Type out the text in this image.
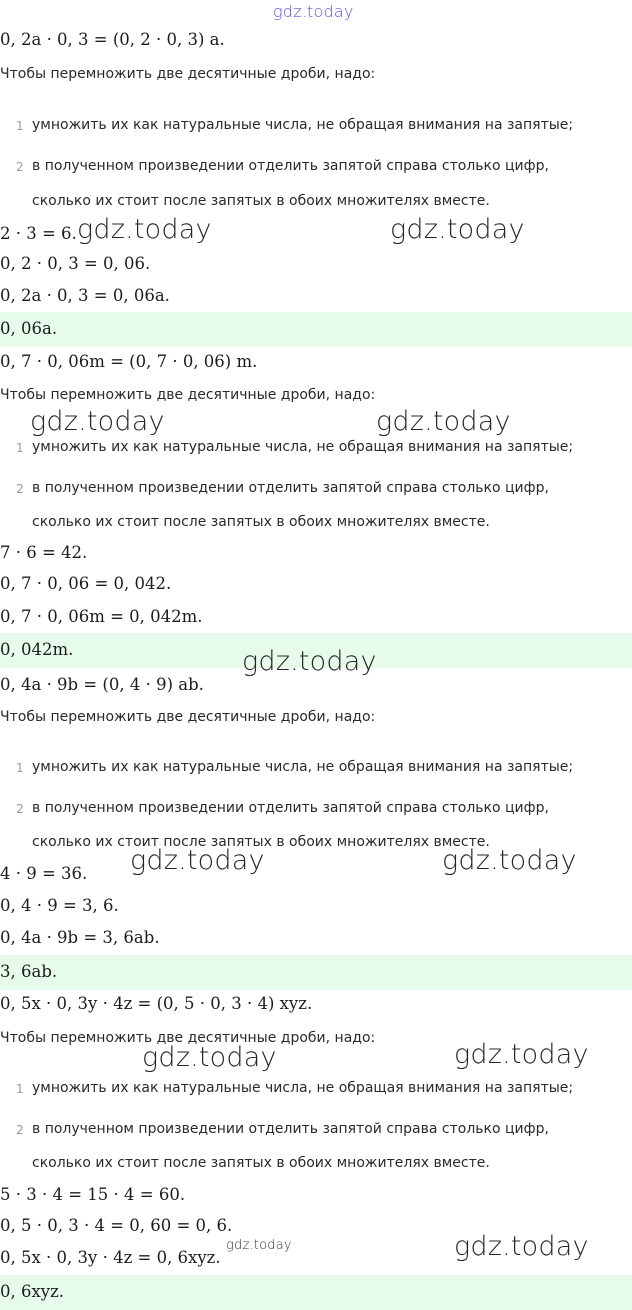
gdz.today
0, 2a · 0, 3 = (0, 2 · 0, 3) a.
Чтобы перемножить две десятичные дроби, надо:
1 умножить их как натуральные числа, не обращая внимания на запятые;
2 в полученном произведении отделить запятой справа столько цифр,
сколько их стоит после запятых в обоих множителях вместе.
2 · 3 = 6. gdz.today	gdz.today
0, 2 · 0, 3 = 0, 06.
0, 2a · 0, 3 = 0, 06a.
0, 06a.
0, 7 · 0, 06m = (0, 7 · 0, 06) m.
Чтобы перемножить две десятичные дроби, надо:
gdz.today	gdz.today
1 умножить их как натуральные числа, не обращая внимания на запятые;
2 в полученном произведении отделить запятой справа столько цифр,
сколько их стоит после запятых в обоих множителях вместе.
7 · 6 = 42.
0, 7 · 0, 06 = 0, 042.
0, 7 · 0, 06m = 0, 042m.
0, 042m.	gdz.today
0, 4a · 9b = (0, 4 · 9) ab.
Чтобы перемножить две десятичные дроби, надо:
1 умножить их как натуральные числа, не обращая внимания на запятые;
2 в полученном произведении отделить запятой справа столько цифр,
сколько их стоит после запятых в обоих множителях вместе.
4 · 9 = 36. gdz.today	gdz.today
0, 4 · 9 = 3, 6.
0, 4a · 9b = 3, 6ab.
3, 6ab.
0, 5x · 0, 3y · 4z = (0, 5 · 0, 3 · 4) xyz.
Чтобы перемножить две десятичные дроби, надо:
gdz.today	gdz.today
1 умножить их как натуральные числа, не обращая внимания на запятые;
2 в полученном произведении отделить запятой справа столько цифр,
сколько их стоит после запятых в обоих множителях вместе.
5 · 3 · 4 = 15 · 4 = 60.
0, 5 · 0, 3 · 4 = 0, 60 = 0, 6.
0, 5x · 0, 3y · 4z = 0, 6xyz.
gdz.today	gdz.today
0, 6xyz.
